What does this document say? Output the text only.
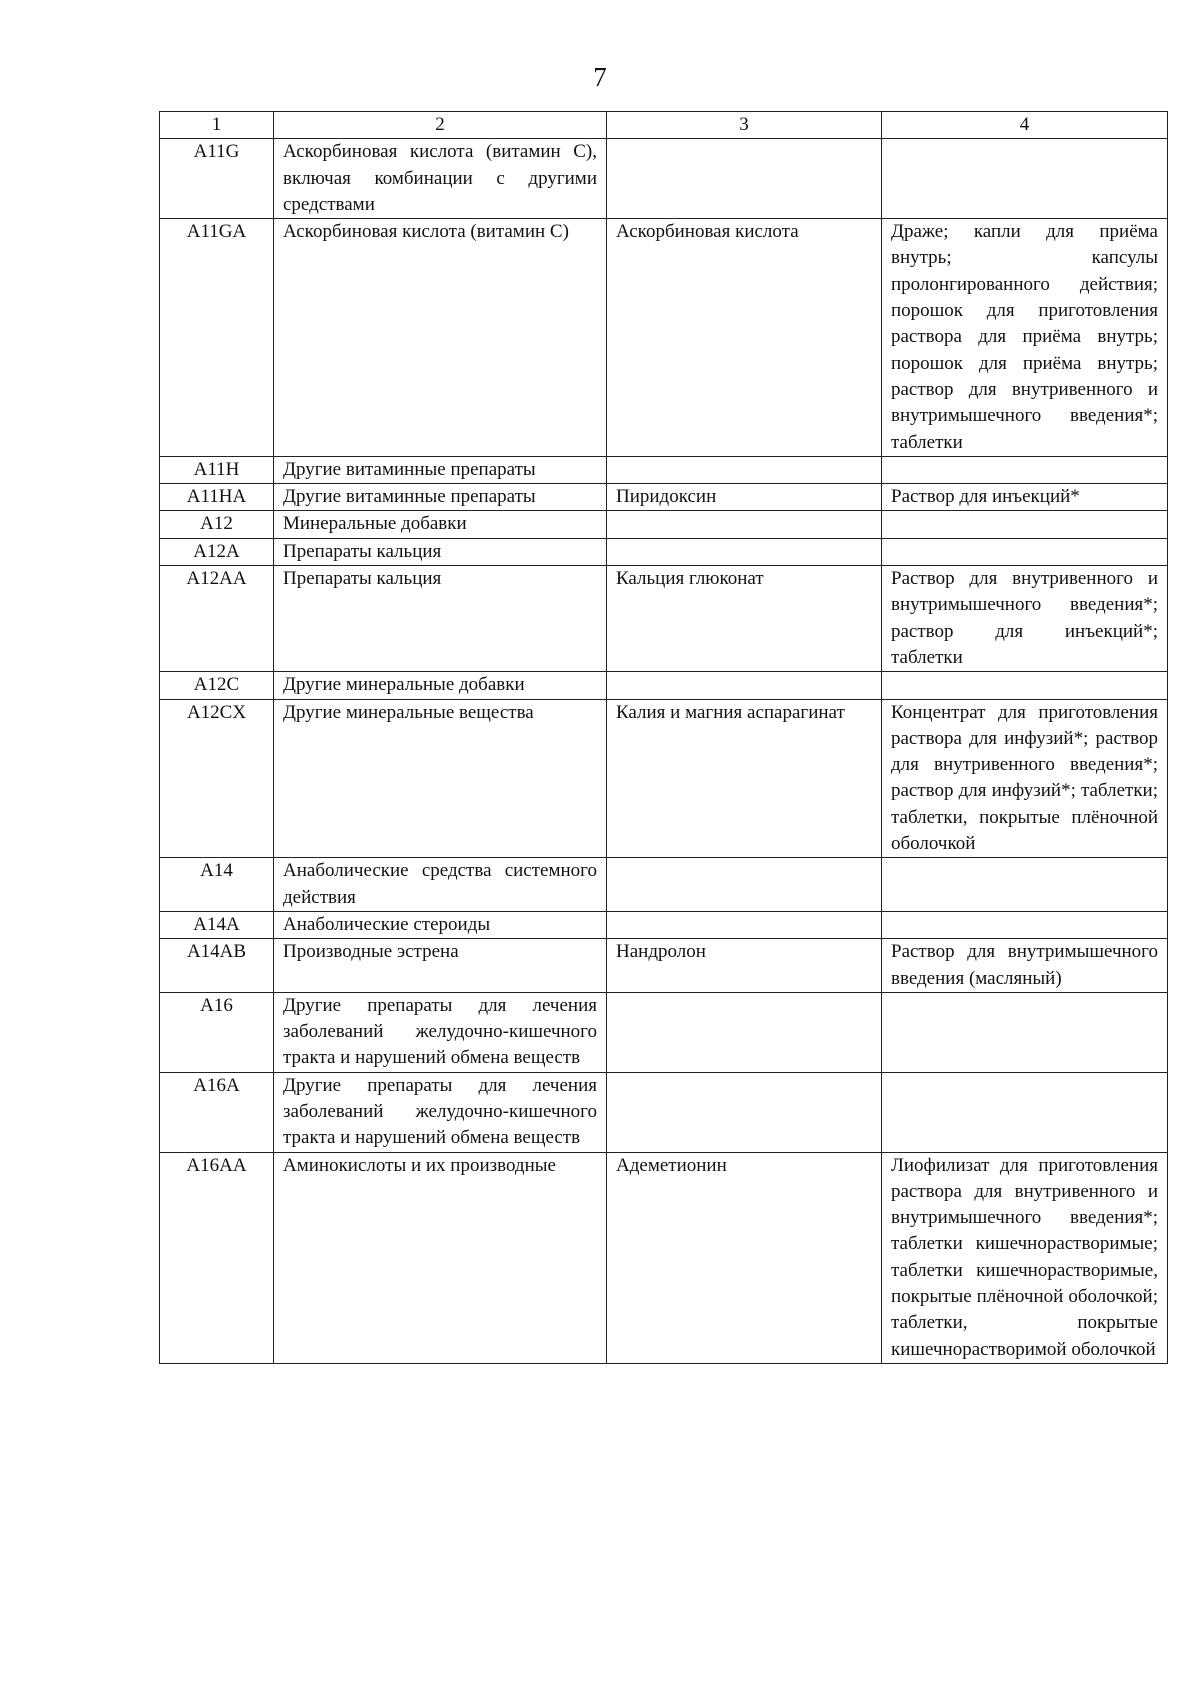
7
1	2	3	4
A11G	Аскорбиновая кислота (витамин С), включая комбинации с другими средствами		
A11GA	Аскорбиновая кислота (витамин С)	Аскорбиновая кислота	Драже; капли для приёма внутрь; капсулы пролонгированного действия; порошок для приготовления раствора для приёма внутрь; порошок для приёма внутрь; раствор для внутривенного и внутримышечного введения*; таблетки
A11H	Другие витаминные препараты		
A11HA	Другие витаминные препараты	Пиридоксин	Раствор для инъекций*
A12	Минеральные добавки		
A12A	Препараты кальция		
A12AA	Препараты кальция	Кальция глюконат	Раствор для внутривенного и внутримышечного введения*; раствор для инъекций*; таблетки
A12C	Другие минеральные добавки		
A12CX	Другие минеральные вещества	Калия и магния аспарагинат	Концентрат для приготовления раствора для инфузий*; раствор для внутривенного введения*; раствор для инфузий*; таблетки; таблетки, покрытые плёночной оболочкой
A14	Анаболические средства системного действия		
A14A	Анаболические стероиды		
A14AB	Производные эстрена	Нандролон	Раствор для внутримышечного введения (масляный)
A16	Другие препараты для лечения заболеваний желудочно-кишечного тракта и нарушений обмена веществ		
A16A	Другие препараты для лечения заболеваний желудочно-кишечного тракта и нарушений обмена веществ		
A16AA	Аминокислоты и их производные	Адеметионин	Лиофилизат для приготовления раствора для внутривенного и внутримышечного введения*; таблетки кишечнорастворимые; таблетки кишечнорастворимые, покрытые плёночной оболочкой; таблетки, покрытые кишечнорастворимой оболочкой
